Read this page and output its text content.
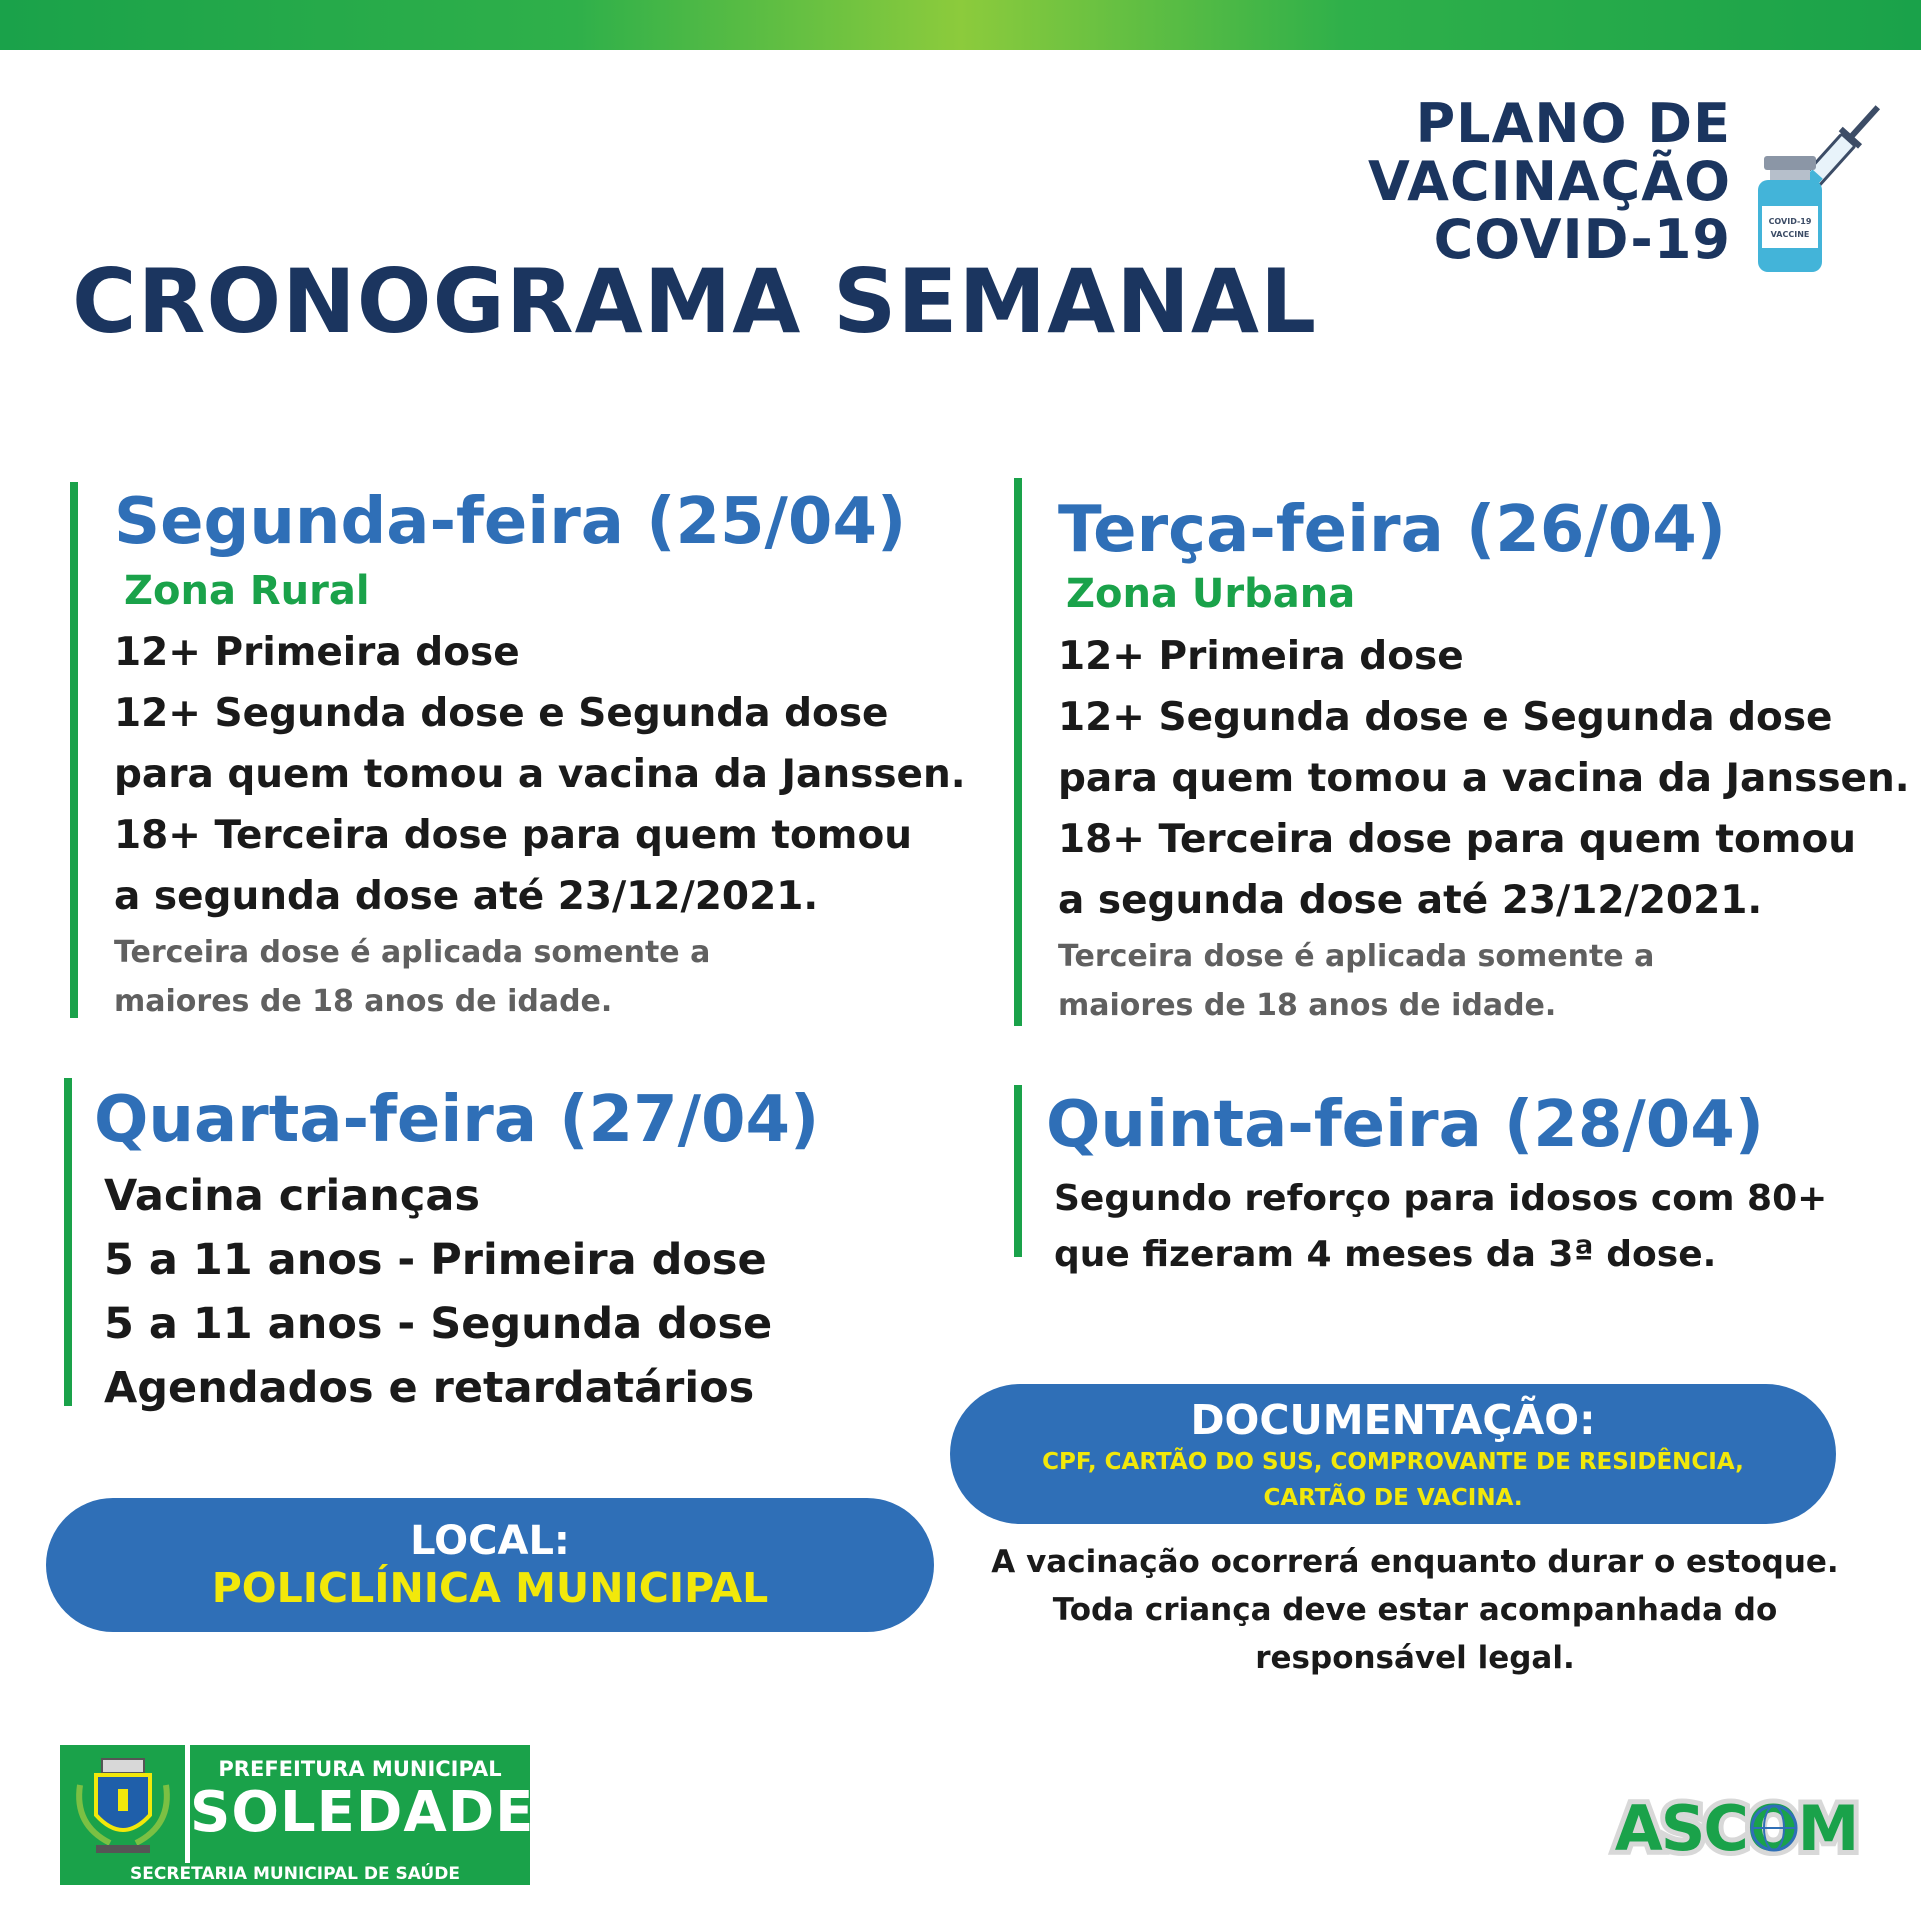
PLANO DE
VACINAÇÃO
COVID-19	COVID-19
VACCINE
CRONOGRAMA SEMANAL
Segunda-feira (25/04)
Zona Rural
12+ Primeira dose
12+ Segunda dose e Segunda dose
para quem tomou a vacina da Janssen.
18+ Terceira dose para quem tomou
a segunda dose até 23/12/2021.
Terceira dose é aplicada somente a
maiores de 18 anos de idade.
Terça-feira (26/04)
Zona Urbana
12+ Primeira dose
12+ Segunda dose e Segunda dose
para quem tomou a vacina da Janssen.
18+ Terceira dose para quem tomou
a segunda dose até 23/12/2021.
Terceira dose é aplicada somente a
maiores de 18 anos de idade.
Quarta-feira (27/04)
Vacina crianças
5 a 11 anos - Primeira dose
5 a 11 anos - Segunda dose
Agendados e retardatários
Quinta-feira (28/04)
Segundo reforço para idosos com 80+
que fizeram 4 meses da 3ª dose.
LOCAL:
POLICLÍNICA MUNICIPAL
DOCUMENTAÇÃO:
CPF, CARTÃO DO SUS, COMPROVANTE DE RESIDÊNCIA,
CARTÃO DE VACINA.
A vacinação ocorrerá enquanto durar o estoque.
Toda criança deve estar acompanhada do
responsável legal.
PREFEITURA MUNICIPAL
SOLEDADE
SECRETARIA MUNICIPAL DE SAÚDE
ASCOM
